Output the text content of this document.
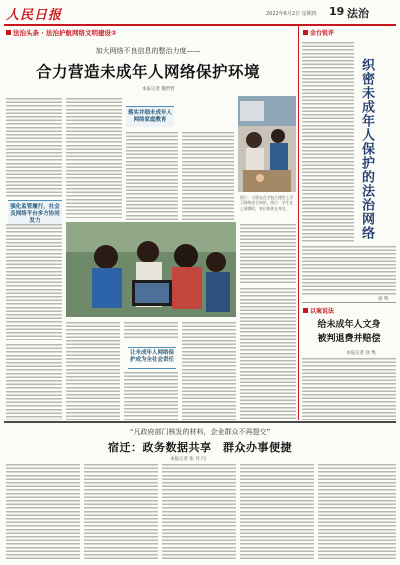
人民日报	2022年6月2日 星期四 19 法治
法治头条 · 法治护航网络文明建设②
加大网络不良信息的整治力度——
合力营造未成年人网络保护环境
本报记者 魏哲哲
强化监管履行，社会及网络平台多方协同发力
落实并细未成年人网络家庭教育
图①：小朋友在学校大课堂上学习网络安全知识。图②：学生在上网课时，家长陪伴在身边。
让未成年人网络保护成为全社会责任
金台锐评
织密未成年人保护的法治网络
徐 隽
以案说法
给未成年人文身
被判退费并赔偿
本报记者 徐 隽
“凡政府部门核发的材料，企业群众不再提交”
宿迁：政务数据共享　群众办事便捷
本报记者 张 丹 闫
